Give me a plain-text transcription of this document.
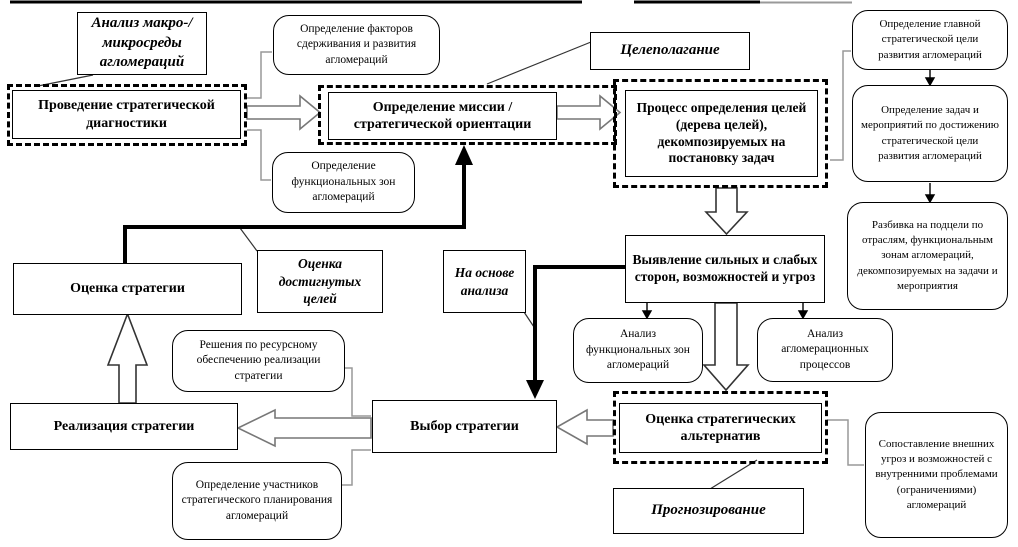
Проведение стратегической диагностики
Определение миссии / стратегической ориентации
Процесс определения целей (дерева целей), декомпозируемых на постановку задач
Выявление сильных и слабых сторон, возможностей и угроз
Оценка стратегии
Реализация стратегии	Выбор стратегии	Оценка стратегических альтернатив
Анализ макро-/ микросреды агломераций
Целеполагание
Оценка достигнутых целей
На основе анализа
Прогнозирование
Определение факторов сдерживания и развития агломераций
Определение функциональных зон агломераций
Определение главной стратегической цели развития агломераций
Определение задач и мероприятий по достижению стратегической цели развития агломераций
Разбивка на подцели по отраслям, функциональным зонам агломераций, декомпозируемых на задачи и мероприятия
Анализ функциональных зон агломераций
Анализ агломерационных процессов
Решения по ресурсному обеспечению реализации стратегии
Определение участников стратегического планирования агломераций
Сопоставление внешних угроз и возможностей с внутренними проблемами (ограничениями) агломераций
